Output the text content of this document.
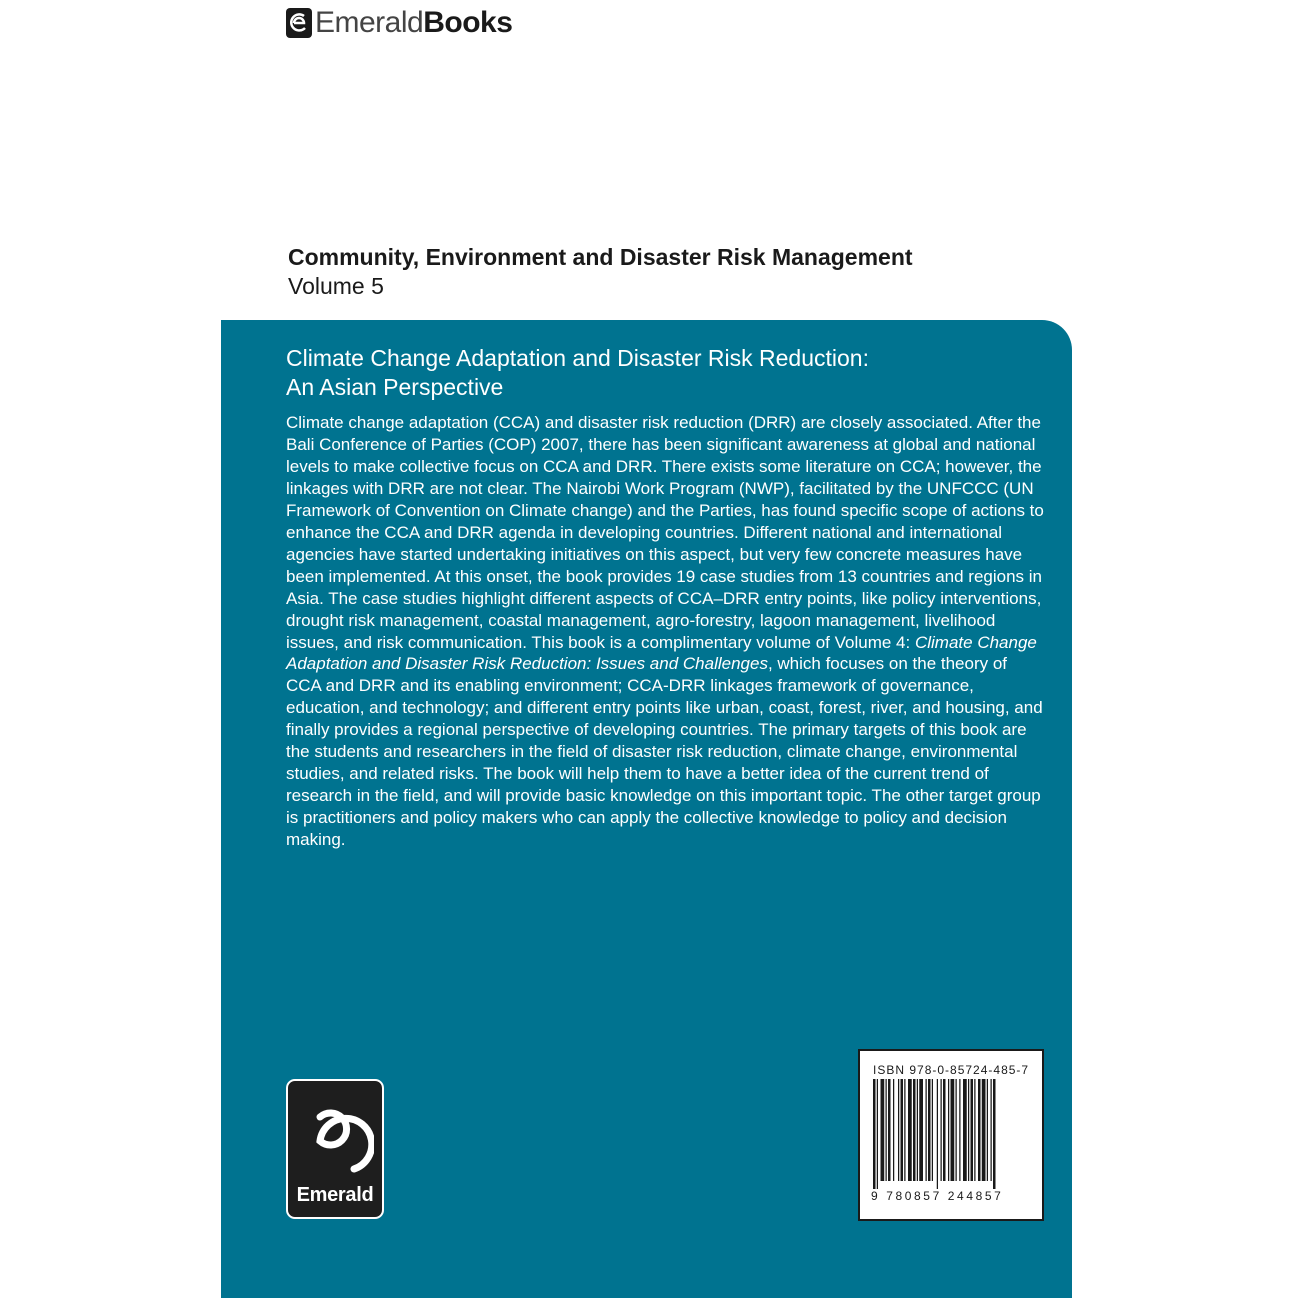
Emerald Books
Community, Environment and Disaster Risk Management
Volume 5
Climate Change Adaptation and Disaster Risk Reduction:
An Asian Perspective
Climate change adaptation (CCA) and disaster risk reduction (DRR) are closely associated. After the Bali Conference of Parties (COP) 2007, there has been significant awareness at global and national levels to make collective focus on CCA and DRR. There exists some literature on CCA; however, the linkages with DRR are not clear. The Nairobi Work Program (NWP), facilitated by the UNFCCC (UN Framework of Convention on Climate change) and the Parties, has found specific scope of actions to enhance the CCA and DRR agenda in developing countries. Different national and international agencies have started undertaking initiatives on this aspect, but very few concrete measures have been implemented. At this onset, the book provides 19 case studies from 13 countries and regions in Asia. The case studies highlight different aspects of CCA–DRR entry points, like policy interventions, drought risk management, coastal management, agro-forestry, lagoon management, livelihood issues, and risk communication. This book is a complimentary volume of Volume 4: Climate Change Adaptation and Disaster Risk Reduction: Issues and Challenges, which focuses on the theory of CCA and DRR and its enabling environment; CCA-DRR linkages framework of governance, education, and technology; and different entry points like urban, coast, forest, river, and housing, and finally provides a regional perspective of developing countries. The primary targets of this book are the students and researchers in the field of disaster risk reduction, climate change, environmental studies, and related risks. The book will help them to have a better idea of the current trend of research in the field, and will provide basic knowledge on this important topic. The other target group is practitioners and policy makers who can apply the collective knowledge to policy and decision making.
Emerald
ISBN 978-0-85724-485-7
9 780857 244857
